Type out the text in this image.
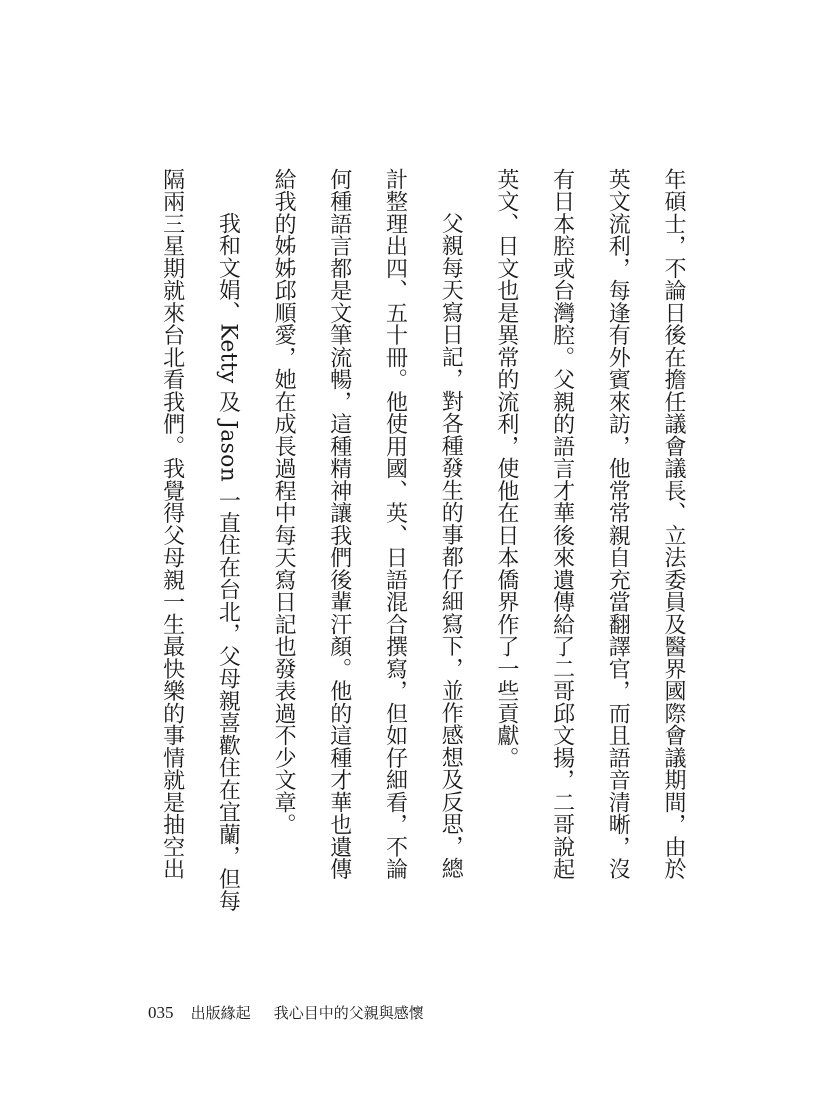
年碩士，不論日後在擔任議會議長、立法委員及醫界國際會議期間，由於
英文流利，每逢有外賓來訪，他常常親自充當翻譯官，而且語音清晰，沒
有日本腔或台灣腔。父親的語言才華後來遺傳給了二哥邱文揚，二哥說起
英文、日文也是異常的流利，使他在日本僑界作了一些貢獻。
父親每天寫日記，對各種發生的事都仔細寫下，並作感想及反思，總
計整理出四、五十冊。他使用國、英、日語混合撰寫，但如仔細看，不論
何種語言都是文筆流暢，這種精神讓我們後輩汗顏。他的這種才華也遺傳
給我的姊姊邱順愛，她在成長過程中每天寫日記也發表過不少文章。
我和文娟、Ketty 及 Jason 一直住在台北，父母親喜歡住在宜蘭，但每
隔兩三星期就來台北看我們。我覺得父母親一生最快樂的事情就是抽空出
035 出版緣起 我心目中的父親與感懷
